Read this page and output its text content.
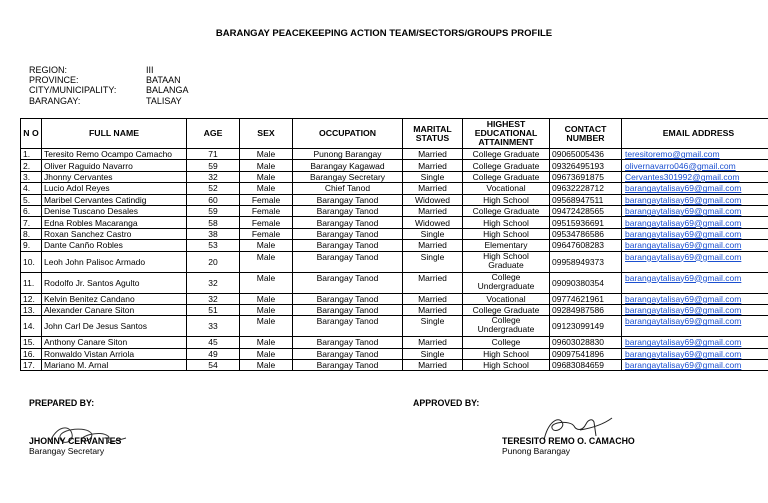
BARANGAY PEACEKEEPING ACTION TEAM/SECTORS/GROUPS PROFILE
REGION:	III
PROVINCE:	BATAAN
CITY/MUNICIPALITY:	BALANGA
BARANGAY:	TALISAY
N O	FULL NAME	AGE	SEX	OCCUPATION	MARITAL STATUS	HIGHEST EDUCATIONAL ATTAINMENT	CONTACT NUMBER	EMAIL ADDRESS
1.	Teresito Remo Ocampo Camacho	71	Male	Punong Barangay	Married	College Graduate	09065005436	teresitoremo@gmail.com
2.	Oliver Raguido Navarro	59	Male	Barangay Kagawad	Married	College Graduate	09326495193	olivernavarro046@gmail.com
3.	Jhonny Cervantes	32	Male	Barangay Secretary	Single	College Graduate	09673691875	Cervantes301992@gmail.com
4.	Lucio Adol Reyes	52	Male	Chief Tanod	Married	Vocational	09632228712	barangaytalisay69@gmail.com
5.	Maribel Cervantes Catindig	60	Female	Barangay Tanod	Widowed	High School	09568947511	barangaytalisay69@gmail.com
6.	Denise Tuscano Desales	59	Female	Barangay Tanod	Married	College Graduate	09472428565	barangaytalisay69@gmail.com
7.	Edna Robles Macaranga	58	Female	Barangay Tanod	Widowed	High School	09515936691	barangaytalisay69@gmail.com
8.	Roxan Sanchez Castro	38	Female	Barangay Tanod	Single	High School	09534786586	barangaytalisay69@gmail.com
9.	Dante Canño Robles	53	Male	Barangay Tanod	Married	Elementary	09647608283	barangaytalisay69@gmail.com
10.	Leoh John Palisoc Armado	20	Male	Barangay Tanod	Single	High School Graduate	09958949373	barangaytalisay69@gmail.com
11.	Rodolfo Jr. Santos Agulto	32	Male	Barangay Tanod	Married	College Undergraduate	09090380354	barangaytalisay69@gmail.com
12.	Kelvin Benitez Candano	32	Male	Barangay Tanod	Married	Vocational	09774621961	barangaytalisay69@gmail.com
13.	Alexander Canare Siton	51	Male	Barangay Tanod	Married	College Graduate	09284987586	barangaytalisay69@gmail.com
14.	John Carl De Jesus Santos	33	Male	Barangay Tanod	Single	College Undergraduate	09123099149	barangaytalisay69@gmail.com
15.	Anthony Canare Siton	45	Male	Barangay Tanod	Married	College	09603028830	barangaytalisay69@gmail.com
16.	Ronwaldo Vistan Arriola	49	Male	Barangay Tanod	Single	High School	09097541896	barangaytalisay69@gmail.com
17.	Mariano M. Arnal	54	Male	Barangay Tanod	Married	High School	09683084659	barangaytalisay69@gmail.com
PREPARED BY:	APPROVED BY:
JHONNY CERVANTES
Barangay Secretary
TERESITO REMO O. CAMACHO
Punong Barangay
